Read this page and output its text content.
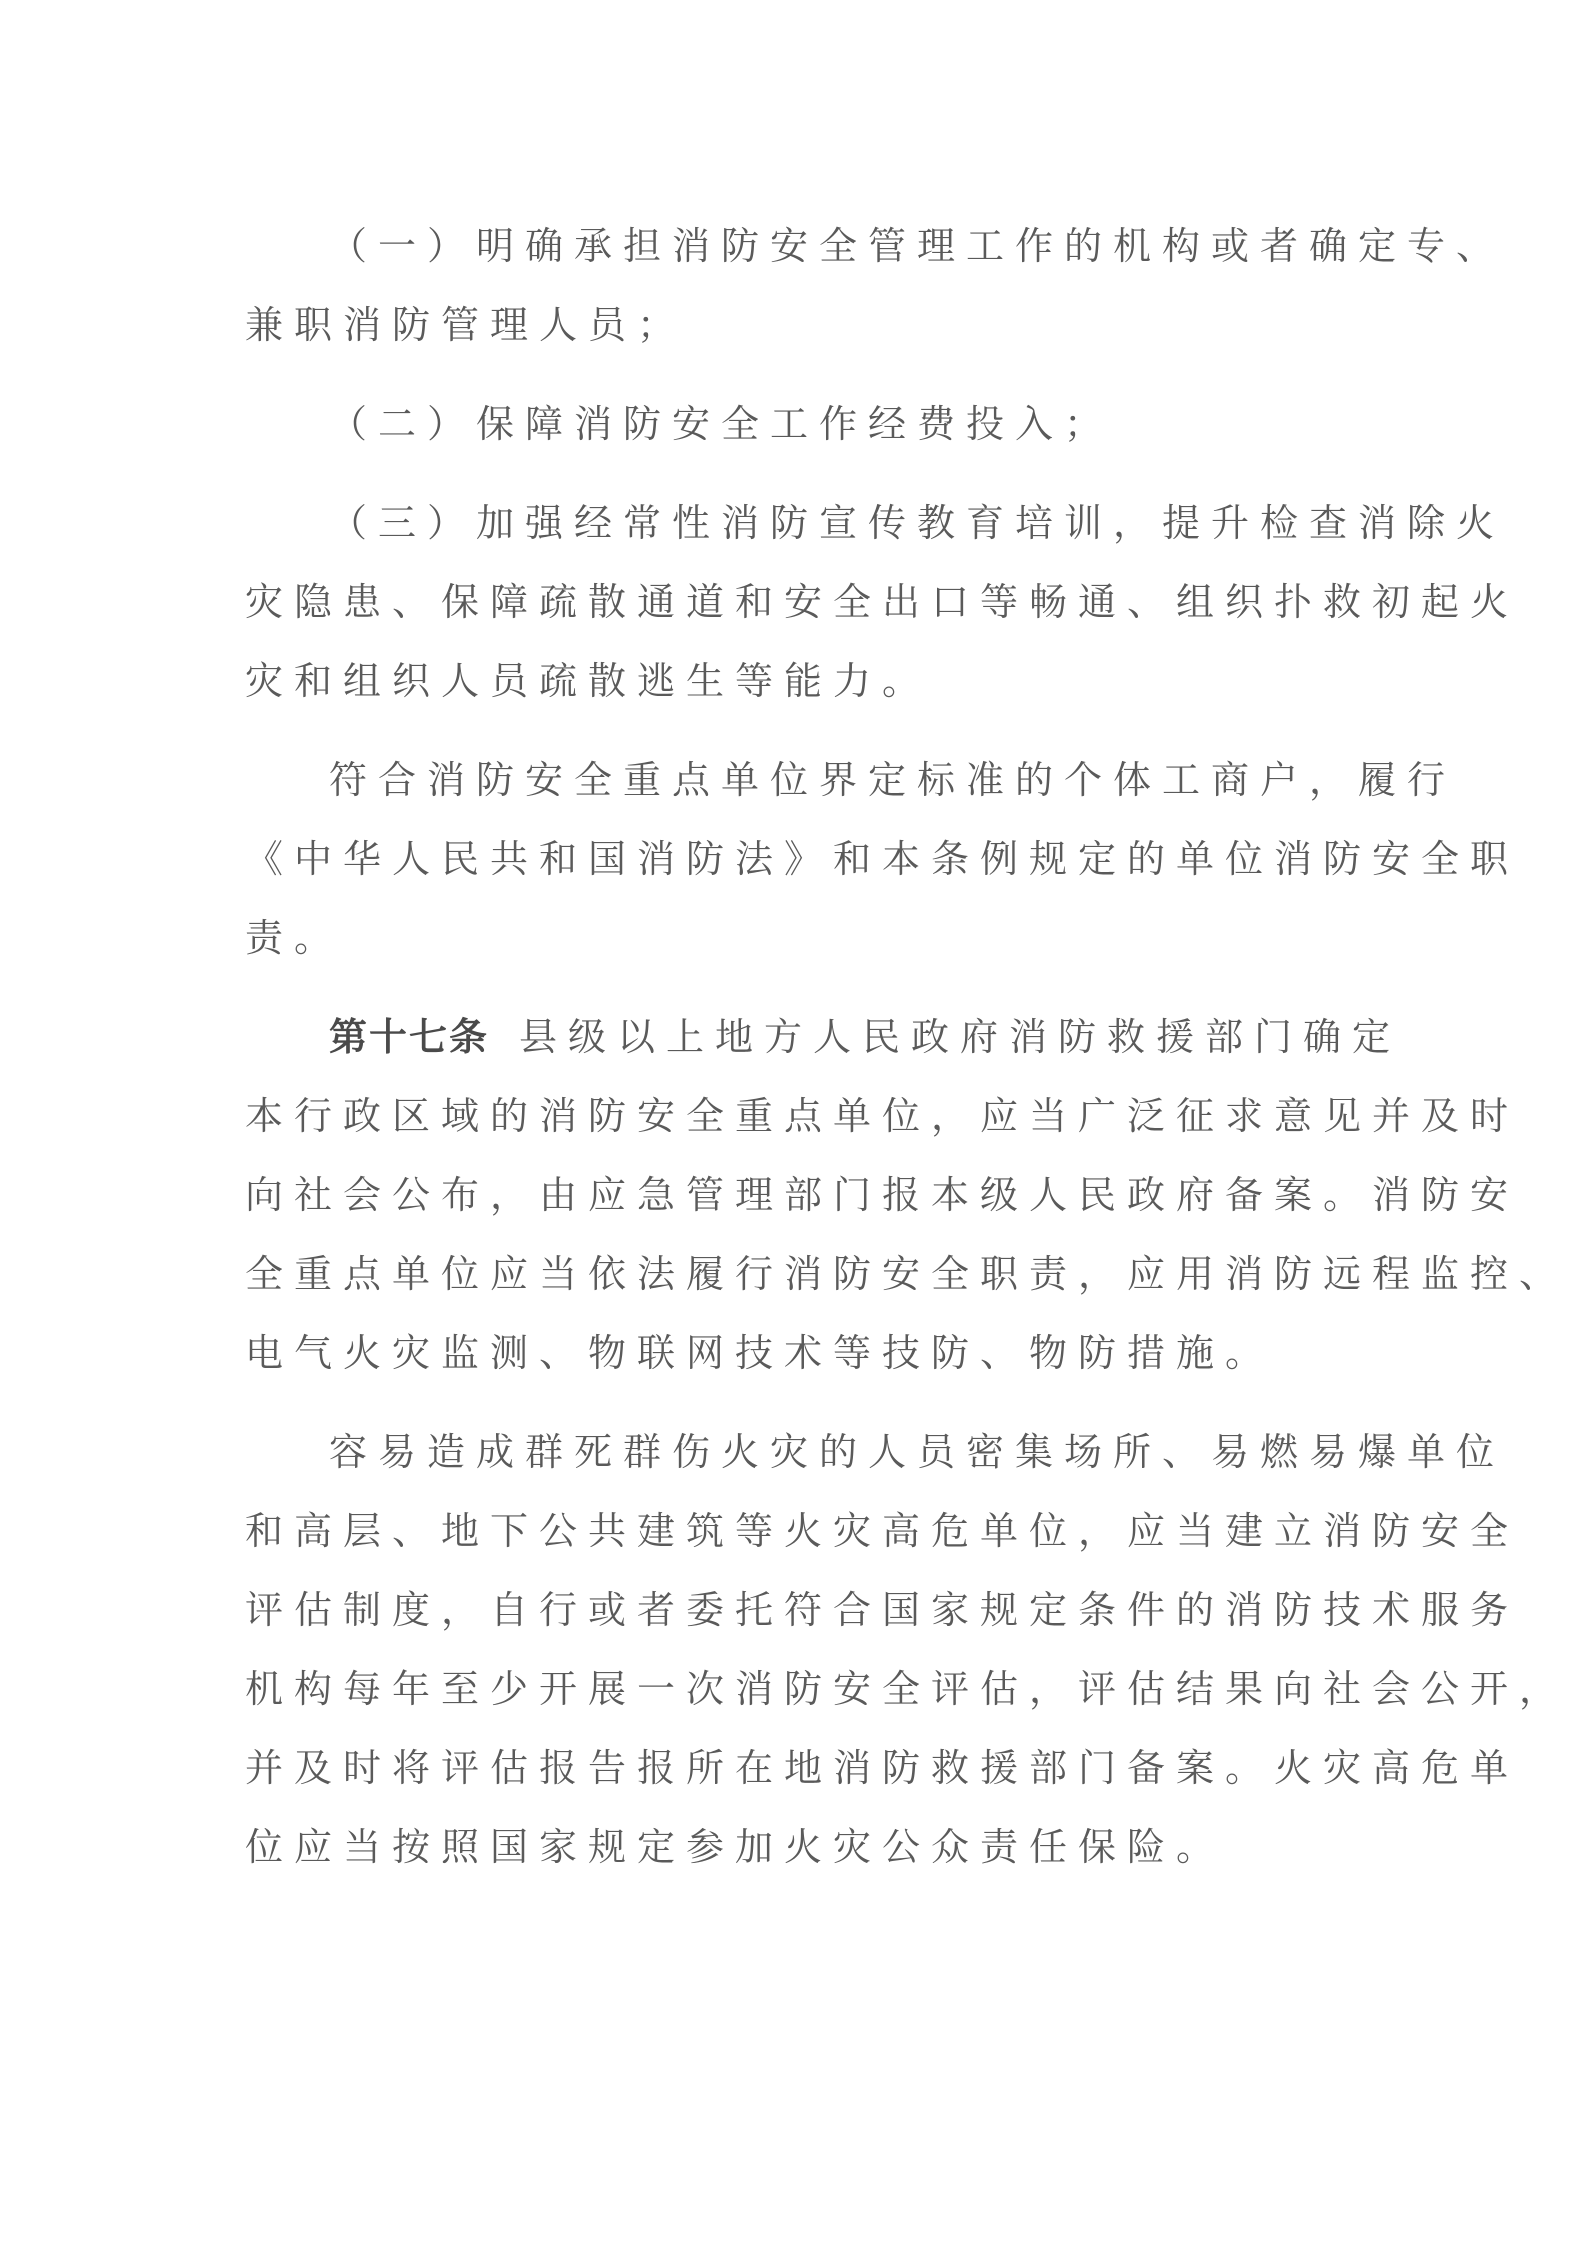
（一）明确承担消防安全管理工作的机构或者确定专、
兼职消防管理人员；

（二）保障消防安全工作经费投入；

（三）加强经常性消防宣传教育培训，提升检查消除火
灾隐患、保障疏散通道和安全出口等畅通、组织扑救初起火
灾和组织人员疏散逃生等能力。

符合消防安全重点单位界定标准的个体工商户，履行
《中华人民共和国消防法》和本条例规定的单位消防安全职
责。

第十七条 县级以上地方人民政府消防救援部门确定
本行政区域的消防安全重点单位，应当广泛征求意见并及时
向社会公布，由应急管理部门报本级人民政府备案。消防安
全重点单位应当依法履行消防安全职责，应用消防远程监控、
电气火灾监测、物联网技术等技防、物防措施。

容易造成群死群伤火灾的人员密集场所、易燃易爆单位
和高层、地下公共建筑等火灾高危单位，应当建立消防安全
评估制度，自行或者委托符合国家规定条件的消防技术服务
机构每年至少开展一次消防安全评估，评估结果向社会公开，
并及时将评估报告报所在地消防救援部门备案。火灾高危单
位应当按照国家规定参加火灾公众责任保险。
